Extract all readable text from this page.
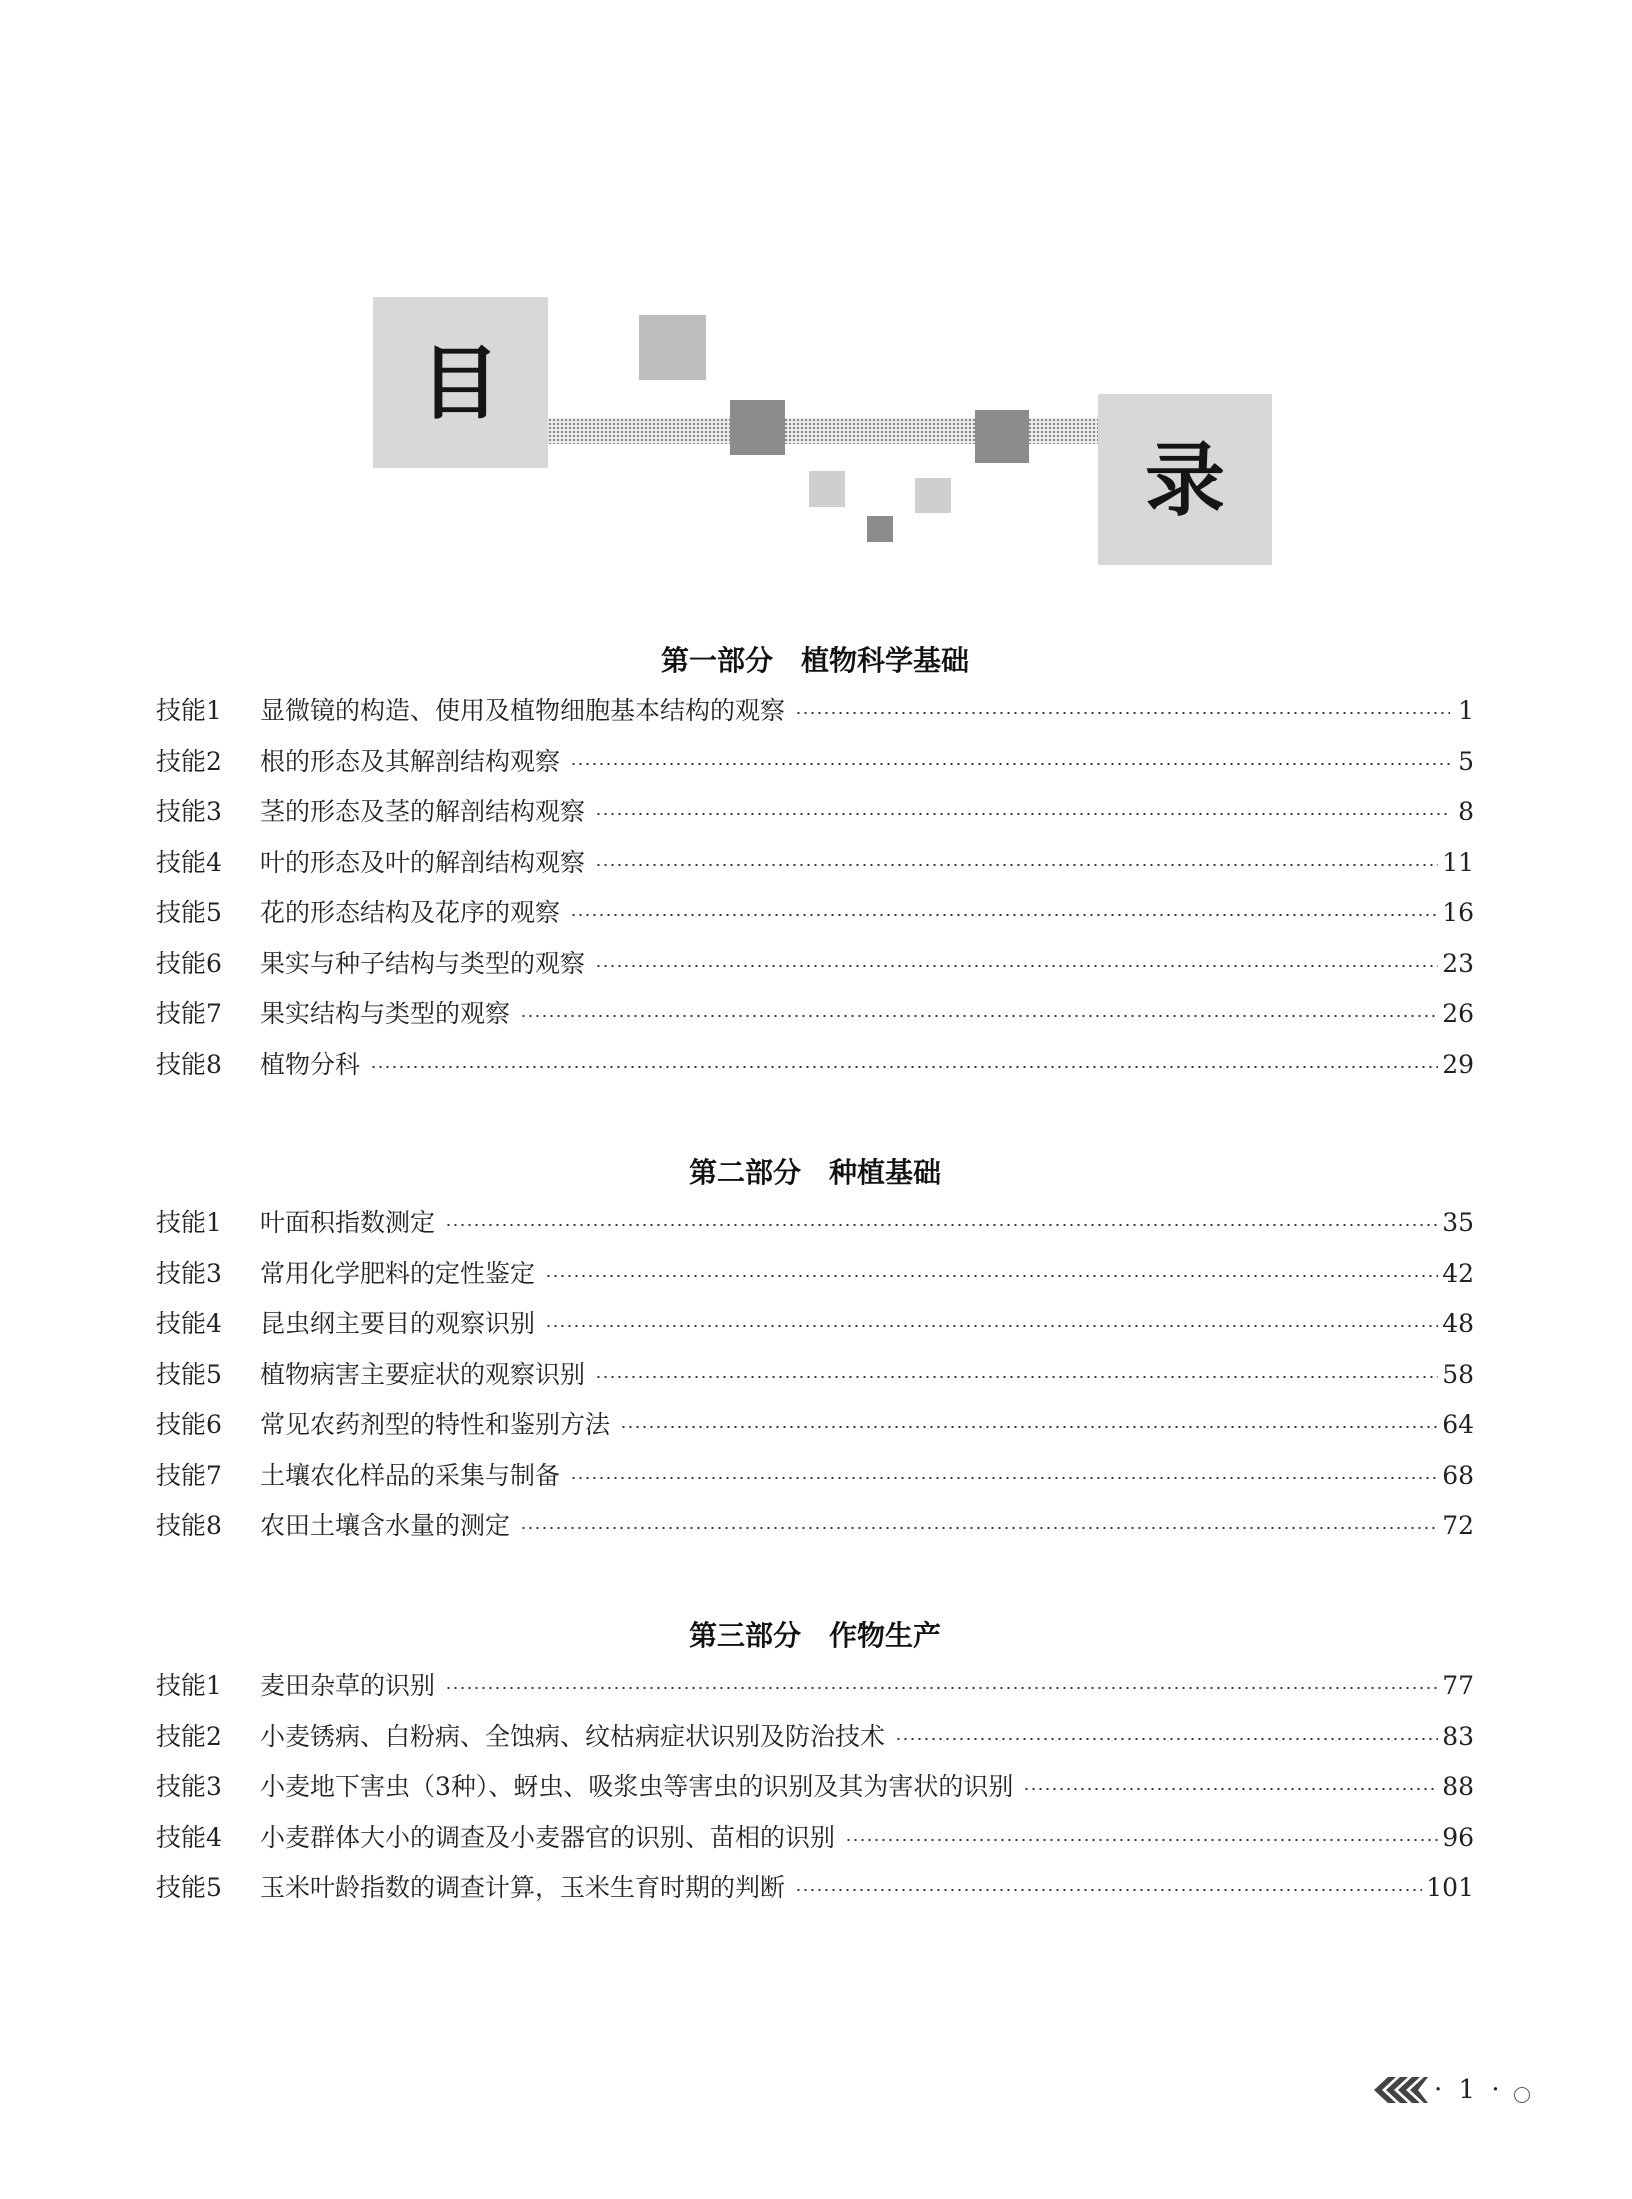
目
录
第一部分　植物科学基础
技能1	显微镜的构造、使用及植物细胞基本结构的观察	1
技能2	根的形态及其解剖结构观察	5
技能3	茎的形态及茎的解剖结构观察	8
技能4	叶的形态及叶的解剖结构观察	11
技能5	花的形态结构及花序的观察	16
技能6	果实与种子结构与类型的观察	23
技能7	果实结构与类型的观察	26
技能8	植物分科	29
第二部分　种植基础
技能1	叶面积指数测定	35
技能3	常用化学肥料的定性鉴定	42
技能4	昆虫纲主要目的观察识别	48
技能5	植物病害主要症状的观察识别	58
技能6	常见农药剂型的特性和鉴别方法	64
技能7	土壤农化样品的采集与制备	68
技能8	农田土壤含水量的测定	72
第三部分　作物生产
技能1	麦田杂草的识别	77
技能2	小麦锈病、白粉病、全蚀病、纹枯病症状识别及防治技术	83
技能3	小麦地下害虫（3种）、蚜虫、吸浆虫等害虫的识别及其为害状的识别	88
技能4	小麦群体大小的调查及小麦器官的识别、苗相的识别	96
技能5	玉米叶龄指数的调查计算，玉米生育时期的判断	101
· 1 ·
